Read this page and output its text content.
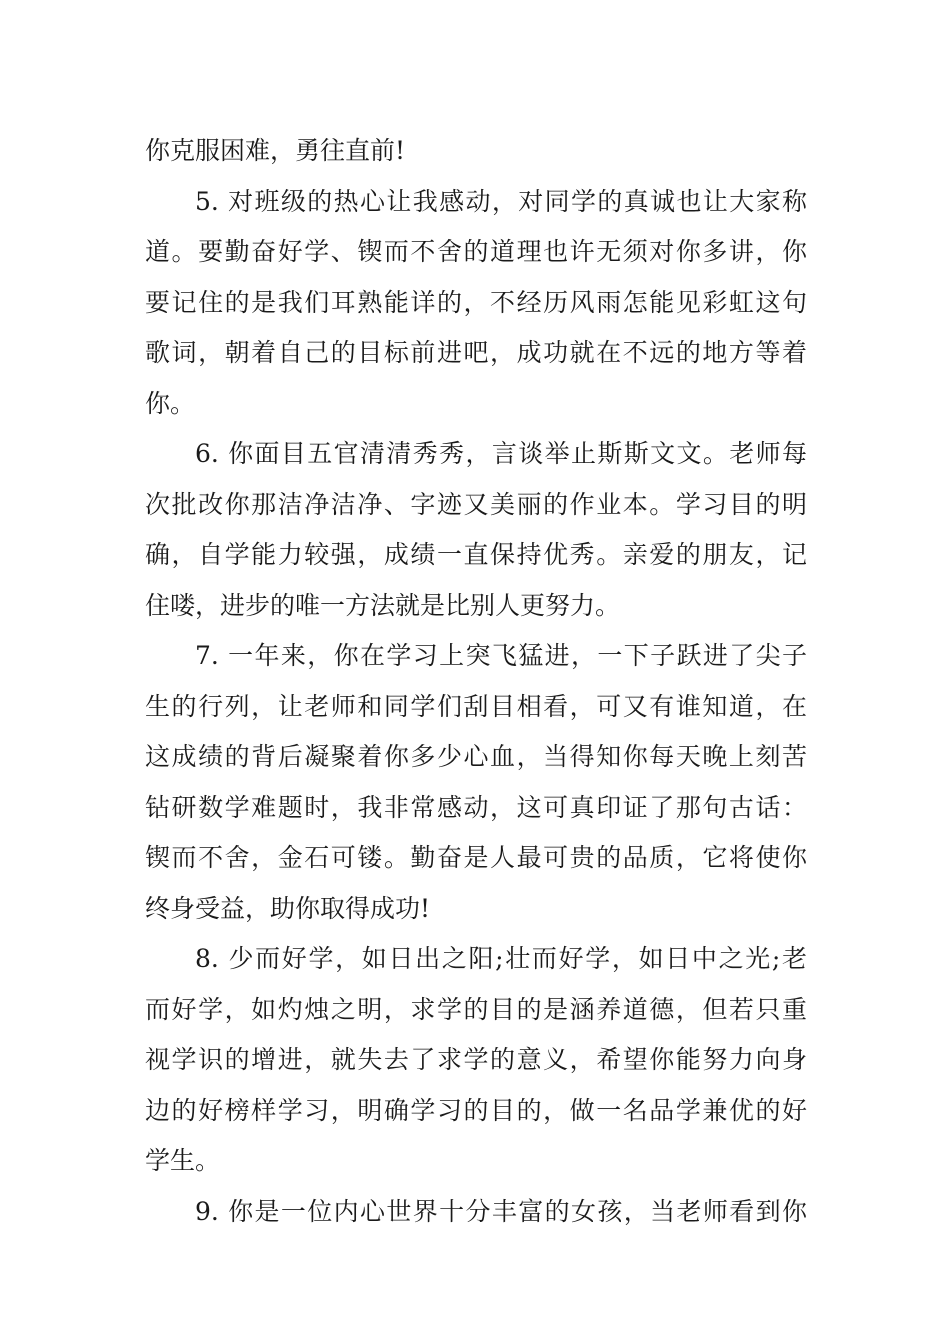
你克服困难，勇往直前!
5. 对班级的热心让我感动，对同学的真诚也让大家称
道。要勤奋好学、锲而不舍的道理也许无须对你多讲，你
要记住的是我们耳熟能详的，不经历风雨怎能见彩虹这句
歌词，朝着自己的目标前进吧，成功就在不远的地方等着
你。
6. 你面目五官清清秀秀，言谈举止斯斯文文。老师每
次批改你那洁净洁净、字迹又美丽的作业本。学习目的明
确，自学能力较强，成绩一直保持优秀。亲爱的朋友，记
住喽，进步的唯一方法就是比别人更努力。
7. 一年来，你在学习上突飞猛进，一下子跃进了尖子
生的行列，让老师和同学们刮目相看，可又有谁知道，在
这成绩的背后凝聚着你多少心血，当得知你每天晚上刻苦
钻研数学难题时，我非常感动，这可真印证了那句古话：
锲而不舍，金石可镂。勤奋是人最可贵的品质，它将使你
终身受益，助你取得成功!
8. 少而好学，如日出之阳;壮而好学，如日中之光;老
而好学，如灼烛之明，求学的目的是涵养道德，但若只重
视学识的增进，就失去了求学的意义，希望你能努力向身
边的好榜样学习，明确学习的目的，做一名品学兼优的好
学生。
9. 你是一位内心世界十分丰富的女孩，当老师看到你
